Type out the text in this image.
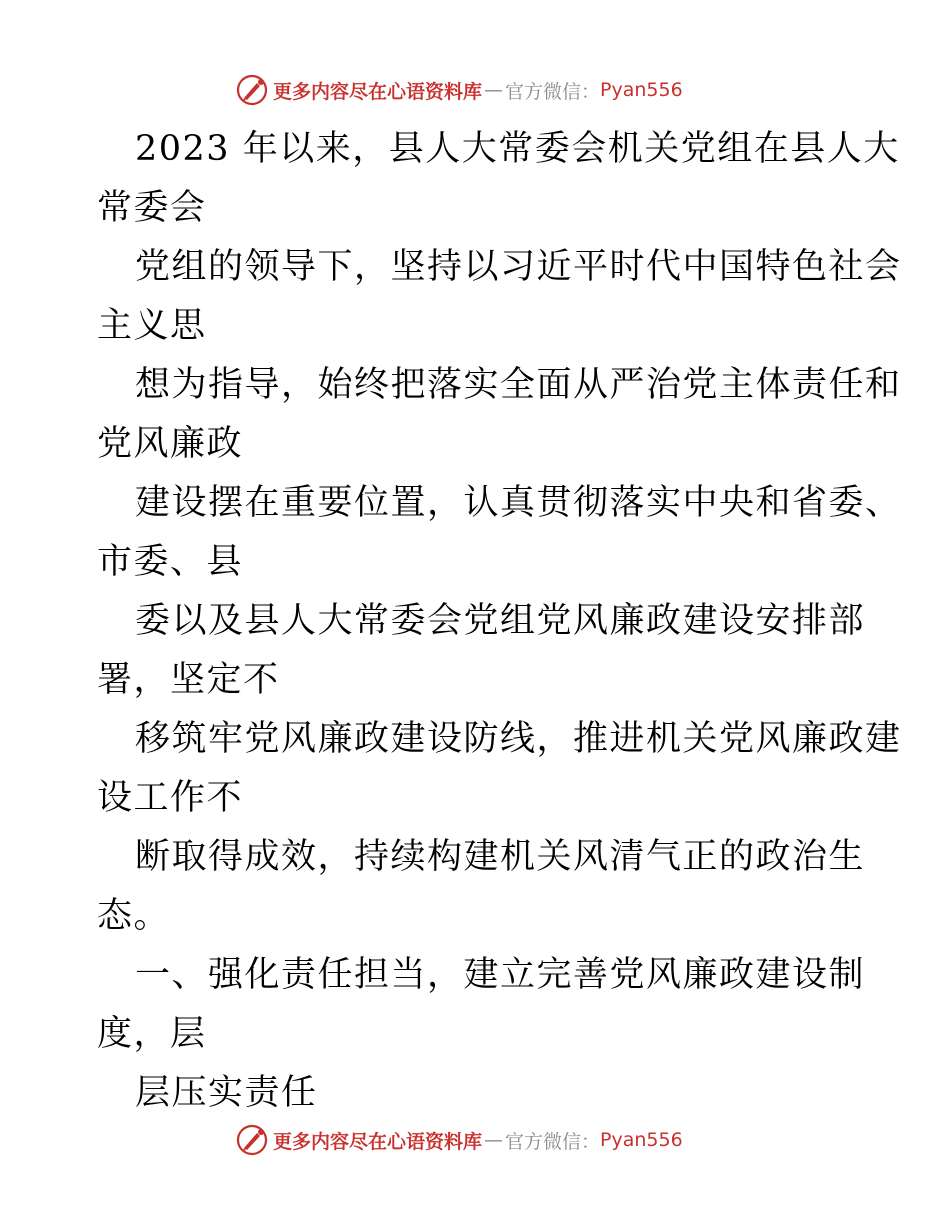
更多内容尽在心语资料库 — 官方微信： Pyan556
2023 年以来，县人大常委会机关党组在县人大
常委会
党组的领导下，坚持以习近平时代中国特色社会
主义思
想为指导，始终把落实全面从严治党主体责任和
党风廉政
建设摆在重要位置，认真贯彻落实中央和省委、
市委、县
委以及县人大常委会党组党风廉政建设安排部
署，坚定不
移筑牢党风廉政建设防线，推进机关党风廉政建
设工作不
断取得成效，持续构建机关风清气正的政治生
态。
一、强化责任担当，建立完善党风廉政建设制
度，层
层压实责任
更多内容尽在心语资料库 — 官方微信： Pyan556
